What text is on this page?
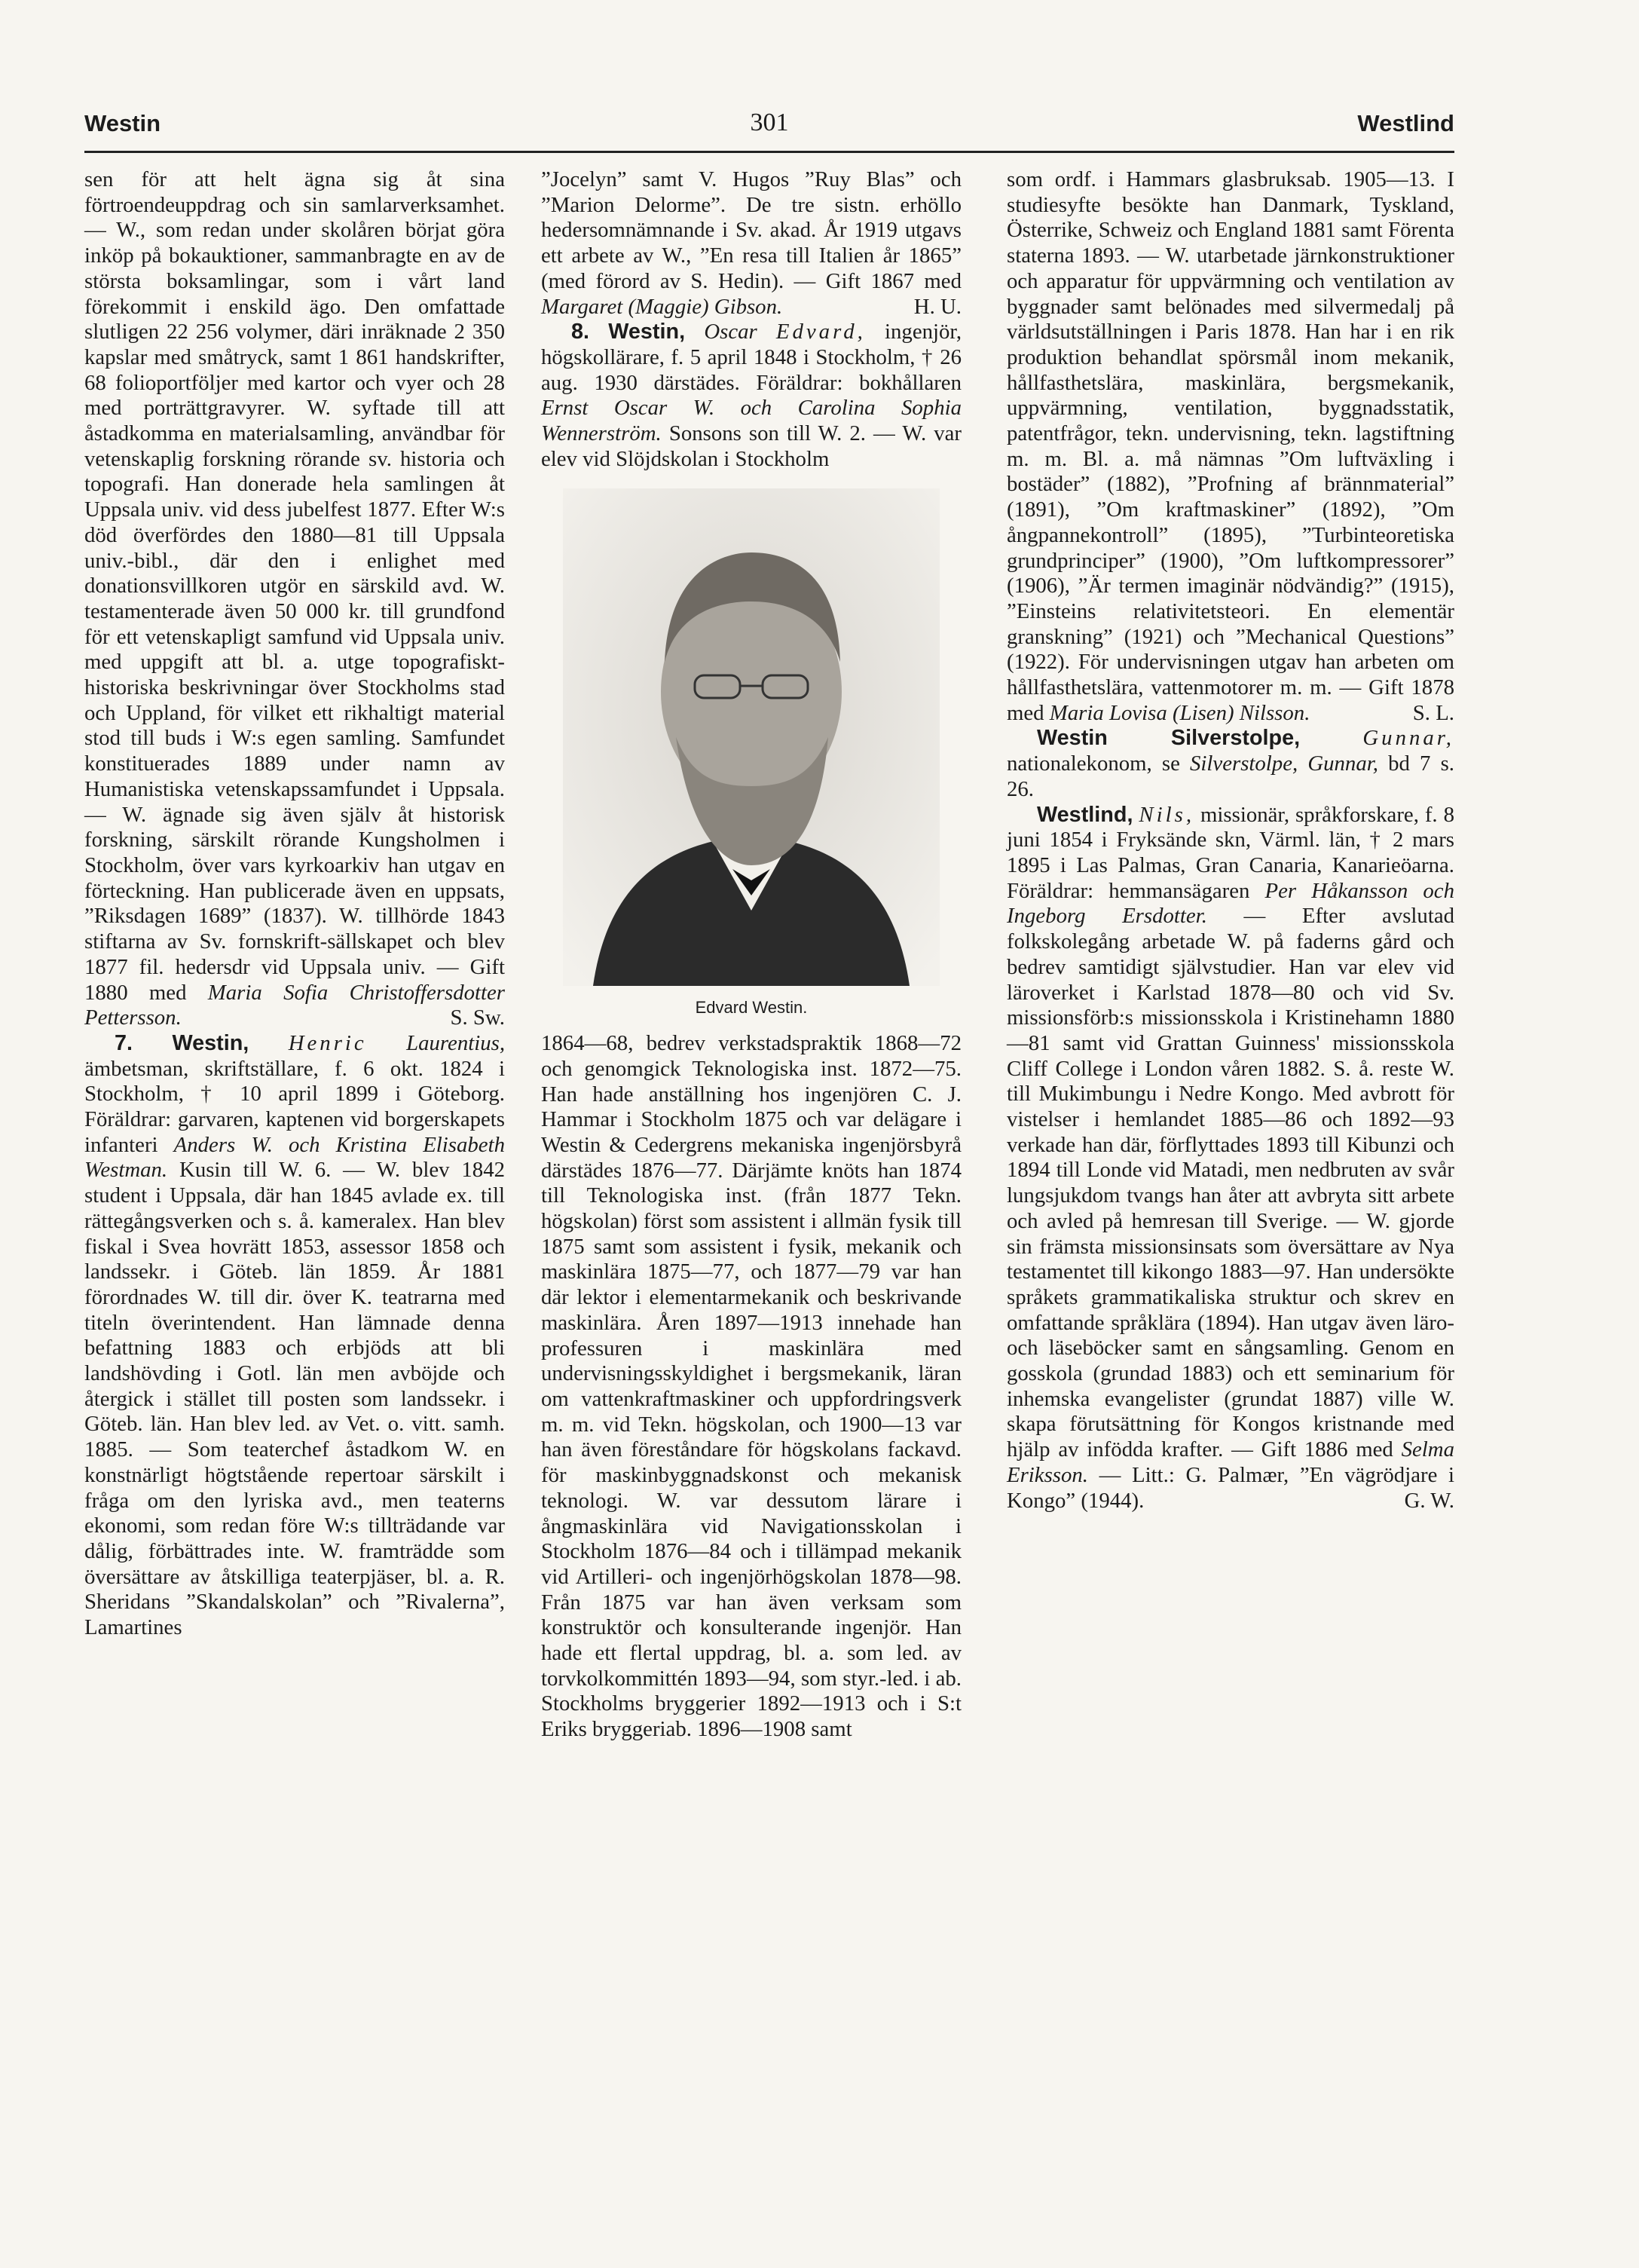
Westin	301	Westlind

sen för att helt ägna sig åt sina förtroendeuppdrag och sin samlarverksamhet. — W., som redan under skolåren börjat göra inköp på bokauktioner, sammanbragte en av de största boksamlingar, som i vårt land förekommit i enskild ägo. Den omfattade slutligen 22 256 volymer, däri inräknade 2 350 kapslar med småtryck, samt 1 861 handskrifter, 68 folioportföljer med kartor och vyer och 28 med porträttgravyrer. W. syftade till att åstadkomma en materialsamling, användbar för vetenskaplig forskning rörande sv. historia och topografi. Han donerade hela samlingen åt Uppsala univ. vid dess jubelfest 1877. Efter W:s död överfördes den 1880—81 till Uppsala univ.-bibl., där den i enlighet med donationsvillkoren utgör en särskild avd. W. testamenterade även 50 000 kr. till grundfond för ett vetenskapligt samfund vid Uppsala univ. med uppgift att bl. a. utge topografiskt-historiska beskrivningar över Stockholms stad och Uppland, för vilket ett rikhaltigt material stod till buds i W:s egen samling. Samfundet konstituerades 1889 under namn av Humanistiska vetenskapssamfundet i Uppsala. — W. ägnade sig även själv åt historisk forskning, särskilt rörande Kungsholmen i Stockholm, över vars kyrkoarkiv han utgav en förteckning. Han publicerade även en uppsats, ”Riksdagen 1689” (1837). W. tillhörde 1843 stiftarna av Sv. fornskrift-sällskapet och blev 1877 fil. hedersdr vid Uppsala univ. — Gift 1880 med Maria Sofia Christoffersdotter Pettersson.	S. Sw.

7. Westin, Henric Laurentius, ämbetsman, skriftställare, f. 6 okt. 1824 i Stockholm, † 10 april 1899 i Göteborg. Föräldrar: garvaren, kaptenen vid borgerskapets infanteri Anders W. och Kristina Elisabeth Westman. Kusin till W. 6. — W. blev 1842 student i Uppsala, där han 1845 avlade ex. till rättegångsverken och s. å. kameralex. Han blev fiskal i Svea hovrätt 1853, assessor 1858 och landssekr. i Göteb. län 1859. År 1881 förordnades W. till dir. över K. teatrarna med titeln överintendent. Han lämnade denna befattning 1883 och erbjöds att bli landshövding i Gotl. län men avböjde och återgick i stället till posten som landssekr. i Göteb. län. Han blev led. av Vet. o. vitt. samh. 1885. — Som teaterchef åstadkom W. en konstnärligt högtstående repertoar särskilt i fråga om den lyriska avd., men teaterns ekonomi, som redan före W:s tillträdande var dålig, förbättrades inte. W. framträdde som översättare av åtskilliga teaterpjäser, bl. a. R. Sheridans ”Skandalskolan” och ”Rivalerna”, Lamartines

”Jocelyn” samt V. Hugos ”Ruy Blas” och ”Marion Delorme”. De tre sistn. erhöllo hedersomnämnande i Sv. akad. År 1919 utgavs ett arbete av W., ”En resa till Italien år 1865” (med förord av S. Hedin). — Gift 1867 med Margaret (Maggie) Gibson.	H. U.

8. Westin, Oscar Edvard, ingenjör, högskollärare, f. 5 april 1848 i Stockholm, † 26 aug. 1930 därstädes. Föräldrar: bokhållaren Ernst Oscar W. och Carolina Sophia Wennerström. Sonsons son till W. 2. — W. var elev vid Slöjdskolan i Stockholm

Edvard Westin.

1864—68, bedrev verkstadspraktik 1868—72 och genomgick Teknologiska inst. 1872—75. Han hade anställning hos ingenjören C. J. Hammar i Stockholm 1875 och var delägare i Westin & Cedergrens mekaniska ingenjörsbyrå därstädes 1876—77. Därjämte knöts han 1874 till Teknologiska inst. (från 1877 Tekn. högskolan) först som assistent i allmän fysik till 1875 samt som assistent i fysik, mekanik och maskinlära 1875—77, och 1877—79 var han där lektor i elementarmekanik och beskrivande maskinlära. Åren 1897—1913 innehade han professuren i maskinlära med undervisningsskyldighet i bergsmekanik, läran om vattenkraftmaskiner och uppfordringsverk m. m. vid Tekn. högskolan, och 1900—13 var han även föreståndare för högskolans fackavd. för maskinbyggnadskonst och mekanisk teknologi. W. var dessutom lärare i ångmaskinlära vid Navigationsskolan i Stockholm 1876—84 och i tillämpad mekanik vid Artilleri- och ingenjörhögskolan 1878—98. Från 1875 var han även verksam som konstruktör och konsulterande ingenjör. Han hade ett flertal uppdrag, bl. a. som led. av torvkolkommittén 1893—94, som styr.-led. i ab. Stockholms bryggerier 1892—1913 och i S:t Eriks bryggeriab. 1896—1908 samt

som ordf. i Hammars glasbruksab. 1905—13. I studiesyfte besökte han Danmark, Tyskland, Österrike, Schweiz och England 1881 samt Förenta staterna 1893. — W. utarbetade järnkonstruktioner och apparatur för uppvärmning och ventilation av byggnader samt belönades med silvermedalj på världsutställningen i Paris 1878. Han har i en rik produktion behandlat spörsmål inom mekanik, hållfasthetslära, maskinlära, bergsmekanik, uppvärmning, ventilation, byggnadsstatik, patentfrågor, tekn. undervisning, tekn. lagstiftning m. m. Bl. a. må nämnas ”Om luftväxling i bostäder” (1882), ”Profning af brännmaterial” (1891), ”Om kraftmaskiner” (1892), ”Om ångpannekontroll” (1895), ”Turbinteoretiska grundprinciper” (1900), ”Om luftkompressorer” (1906), ”Är termen imaginär nödvändig?” (1915), ”Einsteins relativitetsteori. En elementär granskning” (1921) och ”Mechanical Questions” (1922). För undervisningen utgav han arbeten om hållfasthetslära, vattenmotorer m. m. — Gift 1878 med Maria Lovisa (Lisen) Nilsson.	S. L.

Westin Silverstolpe,	Gunnar, nationalekonom, se Silverstolpe, Gunnar, bd 7 s. 26.

Westlind, Nils, missionär, språkforskare, f. 8 juni 1854 i Fryksände skn, Värml. län, † 2 mars 1895 i Las Palmas, Gran Canaria, Kanarieöarna. Föräldrar: hemmansägaren Per Håkansson och Ingeborg Ersdotter. — Efter avslutad folkskolegång arbetade W. på faderns gård och bedrev samtidigt självstudier. Han var elev vid läroverket i Karlstad 1878—80 och vid Sv. missionsförb:s missionsskola i Kristinehamn 1880—81 samt vid Grattan Guinness' missionsskola Cliff College i London våren 1882. S. å. reste W. till Mukimbungu i Nedre Kongo. Med avbrott för vistelser i hemlandet 1885—86 och 1892—93 verkade han där, förflyttades 1893 till Kibunzi och 1894 till Londe vid Matadi, men nedbruten av svår lungsjukdom tvangs han åter att avbryta sitt arbete och avled på hemresan till Sverige. — W. gjorde sin främsta missionsinsats som översättare av Nya testamentet till kikongo 1883—97. Han undersökte språkets grammatikaliska struktur och skrev en omfattande språklära (1894). Han utgav även läro- och läseböcker samt en sångsamling. Genom en gosskola (grundad 1883) och ett seminarium för inhemska evangelister (grundat 1887) ville W. skapa förutsättning för Kongos kristnande med hjälp av infödda krafter. — Gift 1886 med Selma Eriksson. — Litt.: G. Palmær, ”En vägrödjare i Kongo” (1944).	G. W.
